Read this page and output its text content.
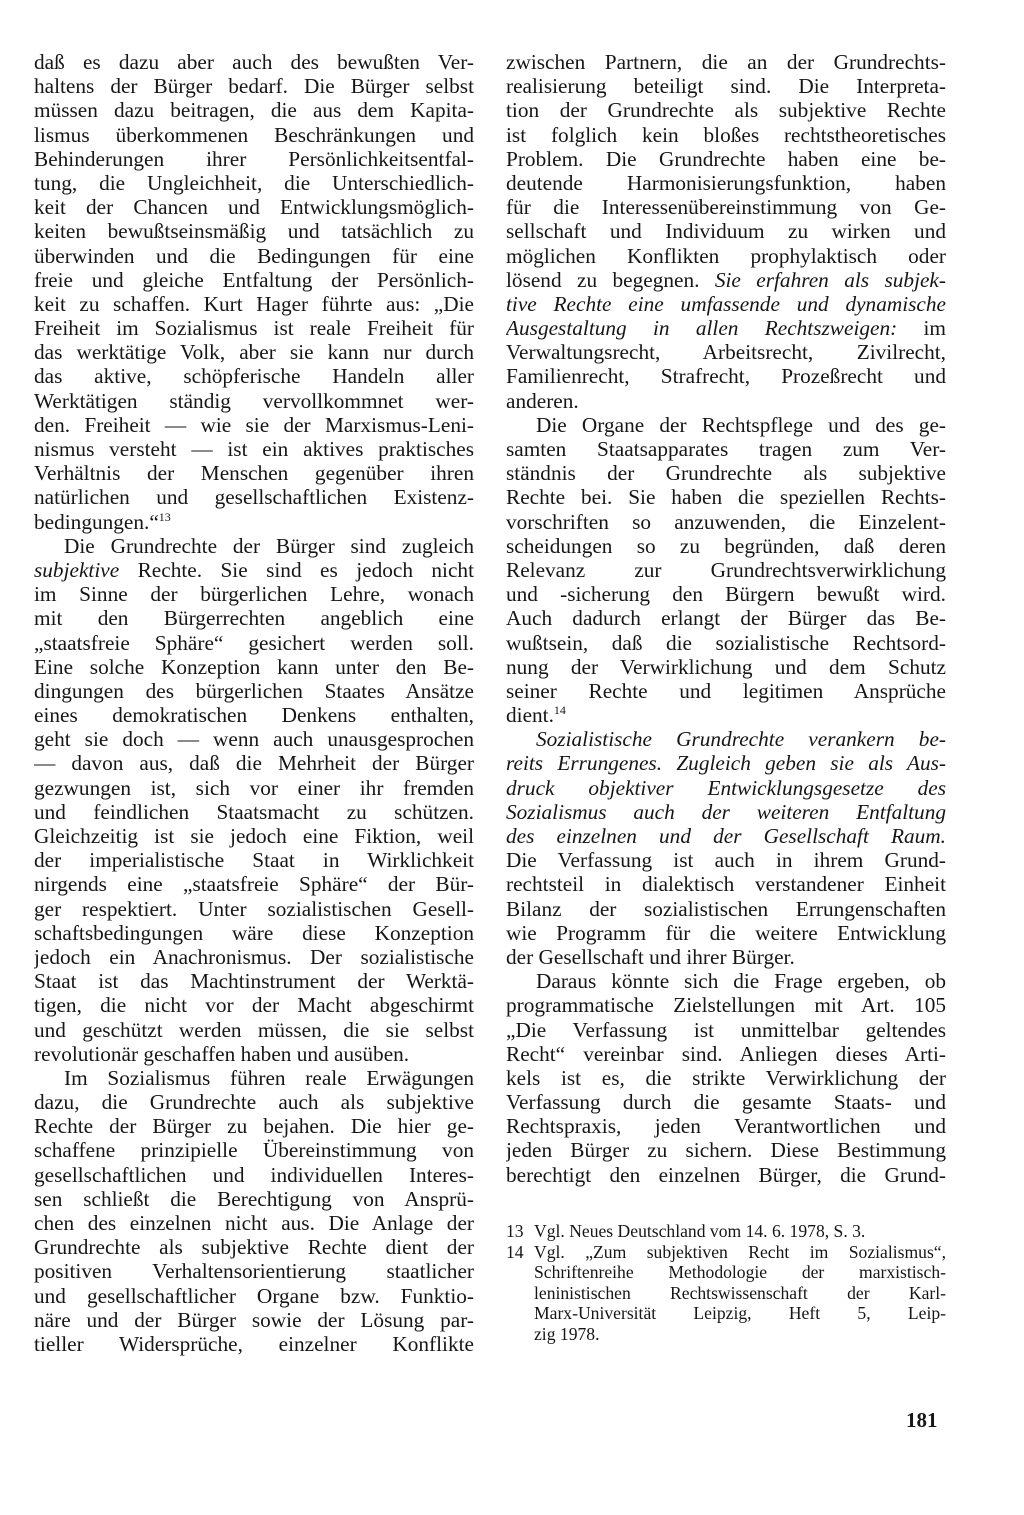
daß es dazu aber auch des bewußten Ver-
haltens der Bürger bedarf. Die Bürger selbst
müssen dazu beitragen, die aus dem Kapita-
lismus überkommenen Beschränkungen und
Behinderungen ihrer Persönlichkeitsentfal-
tung, die Ungleichheit, die Unterschiedlich-
keit der Chancen und Entwicklungsmöglich-
keiten bewußtseinsmäßig und tatsächlich zu
überwinden und die Bedingungen für eine
freie und gleiche Entfaltung der Persönlich-
keit zu schaffen. Kurt Hager führte aus: „Die
Freiheit im Sozialismus ist reale Freiheit für
das werktätige Volk, aber sie kann nur durch
das aktive, schöpferische Handeln aller
Werktätigen ständig vervollkommnet wer-
den. Freiheit — wie sie der Marxismus-Leni-
nismus versteht — ist ein aktives praktisches
Verhältnis der Menschen gegenüber ihren
natürlichen und gesellschaftlichen Existenz-
bedingungen.“$^{13}$
Die Grundrechte der Bürger sind zugleich
subjektive Rechte. Sie sind es jedoch nicht
im Sinne der bürgerlichen Lehre, wonach
mit den Bürgerrechten angeblich eine
„staatsfreie Sphäre“ gesichert werden soll.
Eine solche Konzeption kann unter den Be-
dingungen des bürgerlichen Staates Ansätze
eines demokratischen Denkens enthalten,
geht sie doch — wenn auch unausgesprochen
— davon aus, daß die Mehrheit der Bürger
gezwungen ist, sich vor einer ihr fremden
und feindlichen Staatsmacht zu schützen.
Gleichzeitig ist sie jedoch eine Fiktion, weil
der imperialistische Staat in Wirklichkeit
nirgends eine „staatsfreie Sphäre“ der Bür-
ger respektiert. Unter sozialistischen Gesell-
schaftsbedingungen wäre diese Konzeption
jedoch ein Anachronismus. Der sozialistische
Staat ist das Machtinstrument der Werktä-
tigen, die nicht vor der Macht abgeschirmt
und geschützt werden müssen, die sie selbst
revolutionär geschaffen haben und ausüben.
Im Sozialismus führen reale Erwägungen
dazu, die Grundrechte auch als subjektive
Rechte der Bürger zu bejahen. Die hier ge-
schaffene prinzipielle Übereinstimmung von
gesellschaftlichen und individuellen Interes-
sen schließt die Berechtigung von Ansprü-
chen des einzelnen nicht aus. Die Anlage der
Grundrechte als subjektive Rechte dient der
positiven Verhaltensorientierung staatlicher
und gesellschaftlicher Organe bzw. Funktio-
näre und der Bürger sowie der Lösung par-
tieller Widersprüche, einzelner Konflikte
zwischen Partnern, die an der Grundrechts-
realisierung beteiligt sind. Die Interpreta-
tion der Grundrechte als subjektive Rechte
ist folglich kein bloßes rechtstheoretisches
Problem. Die Grundrechte haben eine be-
deutende Harmonisierungsfunktion, haben
für die Interessenübereinstimmung von Ge-
sellschaft und Individuum zu wirken und
möglichen Konflikten prophylaktisch oder
lösend zu begegnen. Sie erfahren als subjek-
tive Rechte eine umfassende und dynamische
Ausgestaltung in allen Rechtszweigen: im
Verwaltungsrecht, Arbeitsrecht, Zivilrecht,
Familienrecht, Strafrecht, Prozeßrecht und
anderen.
Die Organe der Rechtspflege und des ge-
samten Staatsapparates tragen zum Ver-
ständnis der Grundrechte als subjektive
Rechte bei. Sie haben die speziellen Rechts-
vorschriften so anzuwenden, die Einzelent-
scheidungen so zu begründen, daß deren
Relevanz zur Grundrechtsverwirklichung
und -sicherung den Bürgern bewußt wird.
Auch dadurch erlangt der Bürger das Be-
wußtsein, daß die sozialistische Rechtsord-
nung der Verwirklichung und dem Schutz
seiner Rechte und legitimen Ansprüche
dient.$^{14}$
Sozialistische Grundrechte verankern be-
reits Errungenes. Zugleich geben sie als Aus-
druck objektiver Entwicklungsgesetze des
Sozialismus auch der weiteren Entfaltung
des einzelnen und der Gesellschaft Raum.
Die Verfassung ist auch in ihrem Grund-
rechtsteil in dialektisch verstandener Einheit
Bilanz der sozialistischen Errungenschaften
wie Programm für die weitere Entwicklung
der Gesellschaft und ihrer Bürger.
Daraus könnte sich die Frage ergeben, ob
programmatische Zielstellungen mit Art. 105
„Die Verfassung ist unmittelbar geltendes
Recht“ vereinbar sind. Anliegen dieses Arti-
kels ist es, die strikte Verwirklichung der
Verfassung durch die gesamte Staats- und
Rechtspraxis, jeden Verantwortlichen und
jeden Bürger zu sichern. Diese Bestimmung
berechtigt den einzelnen Bürger, die Grund-
13 Vgl. Neues Deutschland vom 14. 6. 1978, S. 3.
14 Vgl. „Zum subjektiven Recht im Sozialismus“,
Schriftenreihe Methodologie der marxistisch-
leninistischen Rechtswissenschaft der Karl-
Marx-Universität Leipzig, Heft 5, Leip-
zig 1978.
181
